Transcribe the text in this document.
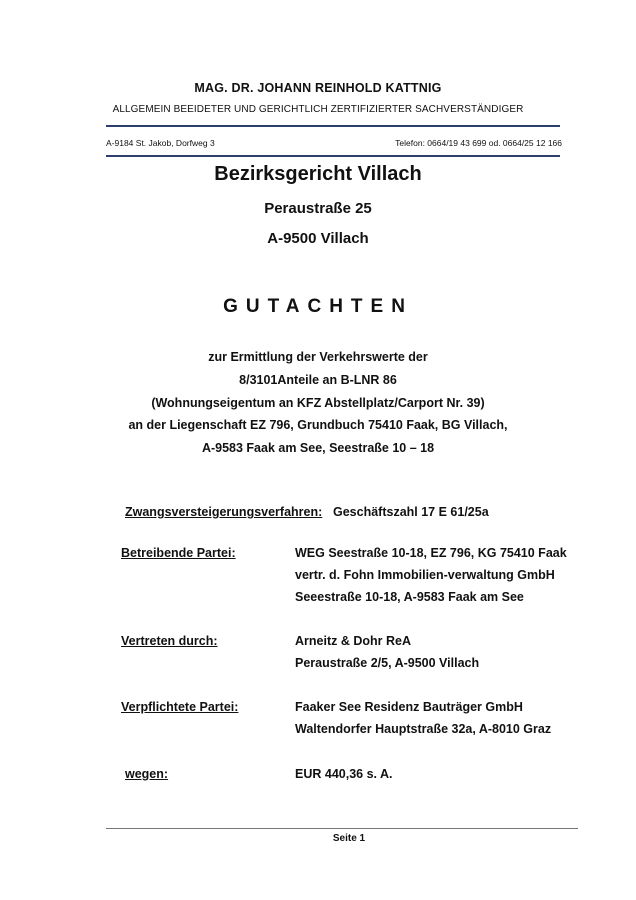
MAG. DR. JOHANN REINHOLD KATTNIG
ALLGEMEIN BEEIDETER UND GERICHTLICH ZERTIFIZIERTER SACHVERSTÄNDIGER
A-9184 St. Jakob, Dorfweg 3	Telefon: 0664/19 43 699 od. 0664/25 12 166
Bezirksgericht Villach
Peraustraße 25
A-9500 Villach
GUTACHTEN
zur Ermittlung der Verkehrswerte der
8/3101Anteile an B-LNR 86
(Wohnungseigentum an KFZ Abstellplatz/Carport Nr. 39)
an der Liegenschaft EZ 796, Grundbuch 75410 Faak, BG Villach,
A-9583 Faak am See, Seestraße 10 – 18
Zwangsversteigerungsverfahren: Geschäftszahl 17 E 61/25a
Betreibende Partei:	WEG Seestraße 10-18, EZ 796, KG 75410 Faak
vertr. d. Fohn Immobilien-verwaltung GmbH
Seeestraße 10-18, A-9583 Faak am See
Vertreten durch:	Arneitz & Dohr ReA
Peraustraße 2/5, A-9500 Villach
Verpflichtete Partei:	Faaker See Residenz Bauträger GmbH
Waltendorfer Hauptstraße 32a, A-8010 Graz
wegen:	EUR 440,36 s. A.
Seite 1
